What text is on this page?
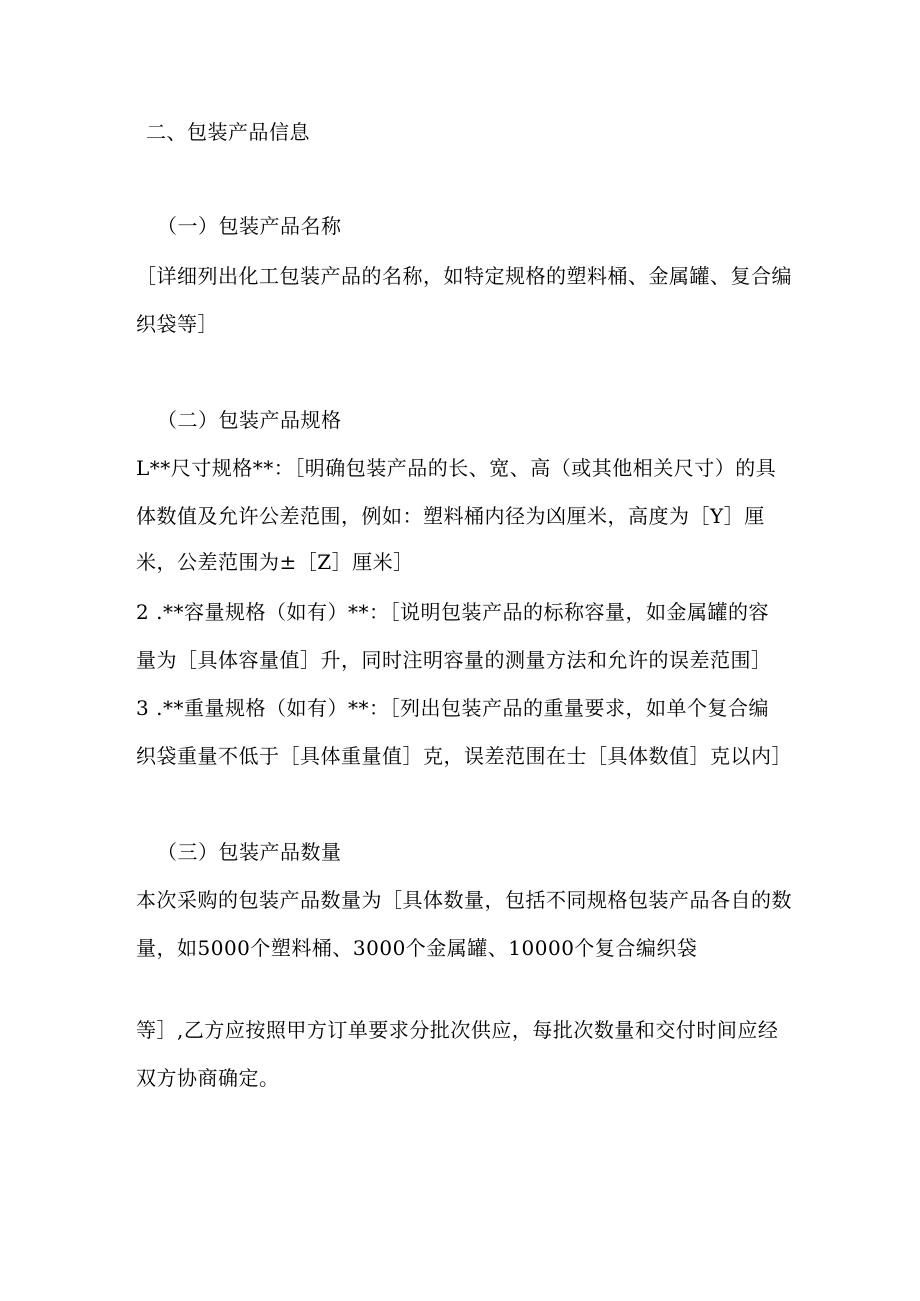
二、包装产品信息
（一）包装产品名称
［详细列出化工包装产品的名称，如特定规格的塑料桶、金属罐、复合编
织袋等］
（二）包装产品规格
L**尺寸规格**：［明确包装产品的长、宽、高（或其他相关尺寸）的具
体数值及允许公差范围，例如：塑料桶内径为凶厘米，高度为［Y］厘
米，公差范围为±［Z］厘米］
2 .**容量规格（如有）**：［说明包装产品的标称容量，如金属罐的容
量为［具体容量值］升，同时注明容量的测量方法和允许的误差范围］
3 .**重量规格（如有）**：［列出包装产品的重量要求，如单个复合编
织袋重量不低于［具体重量值］克，误差范围在士［具体数值］克以内］
（三）包装产品数量
本次采购的包装产品数量为［具体数量，包括不同规格包装产品各自的数
量，如5000个塑料桶、3000个金属罐、10000个复合编织袋
等］,乙方应按照甲方订单要求分批次供应，每批次数量和交付时间应经
双方协商确定。
